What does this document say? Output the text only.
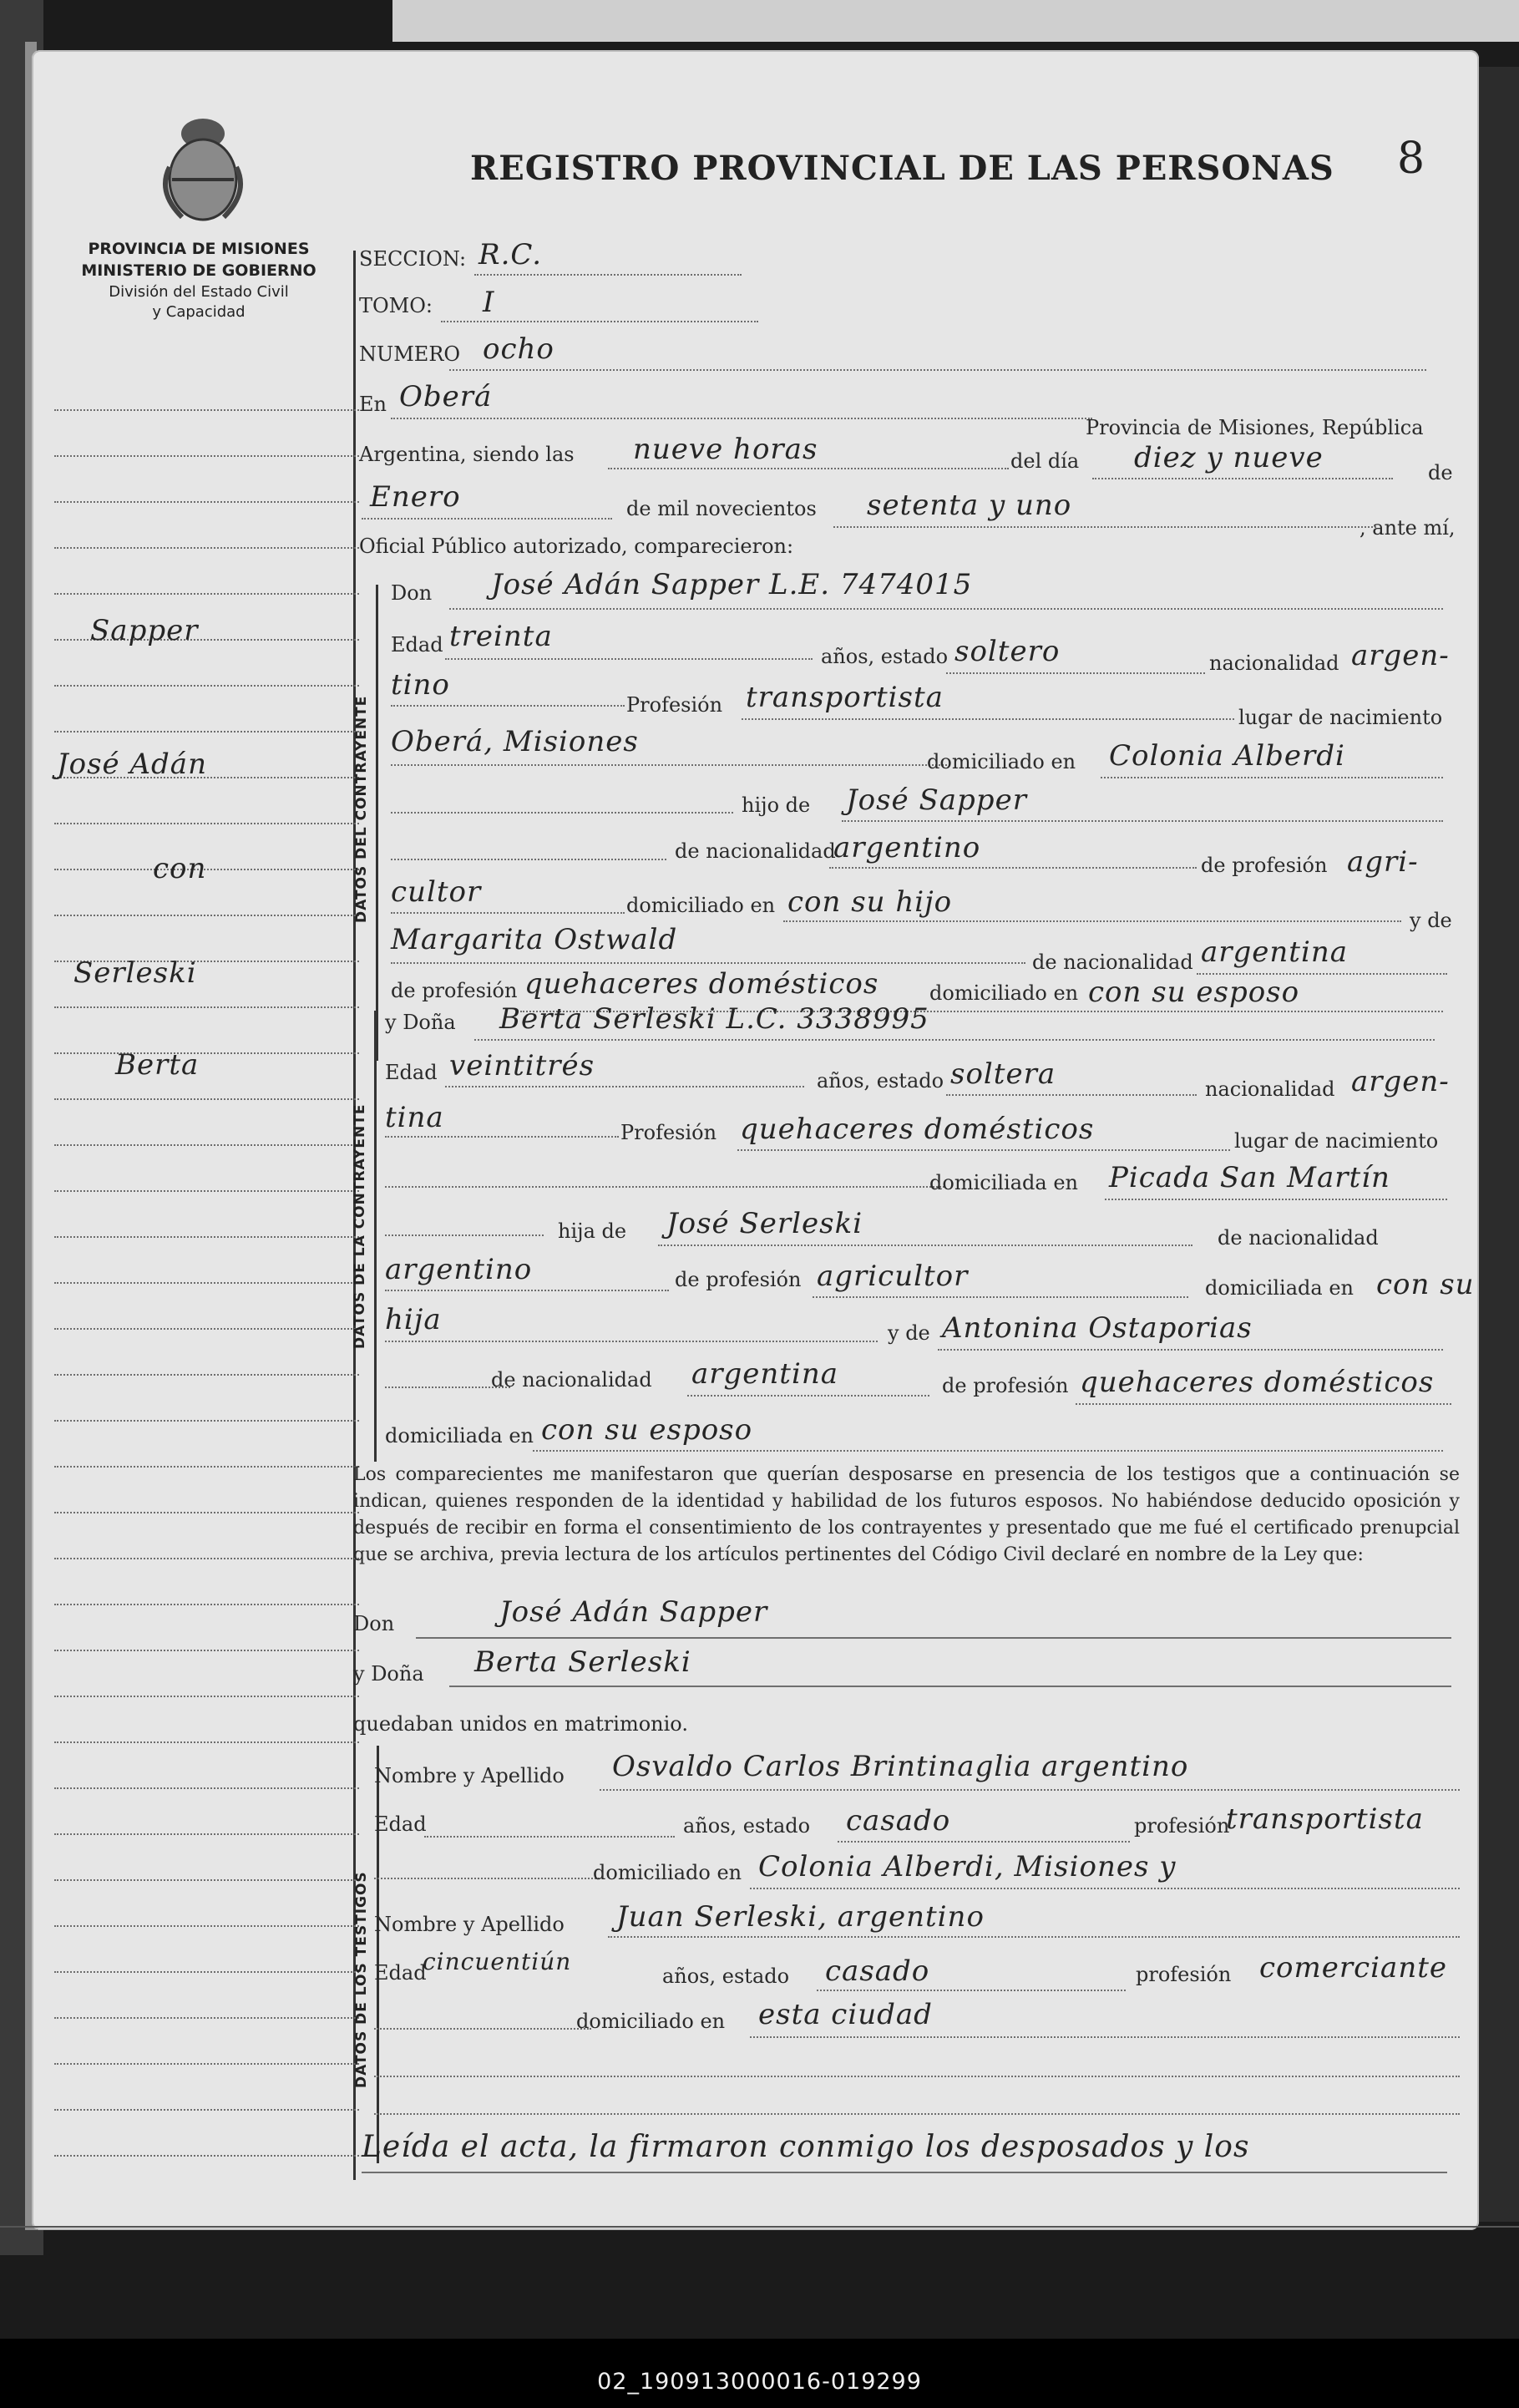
PROVINCIA DE MISIONES
MINISTERIO DE GOBIERNO
División del Estado Civil
y Capacidad
REGISTRO PROVINCIAL DE LAS PERSONAS 8
Sapper
José Adán
con
Serleski
Berta
SECCION: R.C.
TOMO: I
NUMERO ocho
En Oberá
Provincia de Misiones, República
Argentina, siendo las nueve horas	del día diez y nueve	de
Enero	de mil novecientos setenta y uno
, ante mí,
Oficial Público autorizado, comparecieron:
DATOS DEL CONTRAYENTE
Don José Adán Sapper L.E. 7474015
Edad treinta
años, estado soltero	nacionalidad argen-
tino
Profesión transportista
lugar de nacimiento
Oberá, Misiones
domiciliado en Colonia Alberdi
hijo de José Sapper
de nacionalidad
argentino
de profesión agri-
cultor	domiciliado en con su hijo
y de
Margarita Ostwald
de nacionalidad argentina
de profesión quehaceres domésticos	domiciliado en con su esposo
DATOS DE LA CONTRAYENTE
y Doña Berta Serleski L.C. 3338995
Edad veintitrés	años, estado soltera	nacionalidad argen-
tina	Profesión quehaceres domésticos	lugar de nacimiento
domiciliada en Picada San Martín
hija de José Serleski	de nacionalidad
argentino	de profesión agricultor	domiciliada en con su
hija	y de Antonina Ostaporias
de nacionalidad argentina	de profesión quehaceres domésticos
domiciliada en con su esposo
Los comparecientes me manifestaron que querían desposarse en presencia de los testigos que a continuación se indican, quienes responden de la identidad y habilidad de los futuros esposos. No habiéndose deducido oposición y después de recibir en forma el consentimiento de los contrayentes y presentado que me fué el certificado prenupcial que se archiva, previa lectura de los artículos pertinentes del Código Civil declaré en nombre de la Ley que:
Don	José Adán Sapper
y Doña Berta Serleski
quedaban unidos en matrimonio.
DATOS DE LOS TESTIGOS
Nombre y Apellido Osvaldo Carlos Brintinaglia argentino
Edad	años, estado casado	profesión
transportista
domiciliado en Colonia Alberdi, Misiones y
Nombre y Apellido Juan Serleski, argentino
Edad
cincuentiún
años, estado casado	profesión comerciante
domiciliado en esta ciudad
Leída el acta, la firmaron conmigo los desposados y los
02_190913000016-019299
